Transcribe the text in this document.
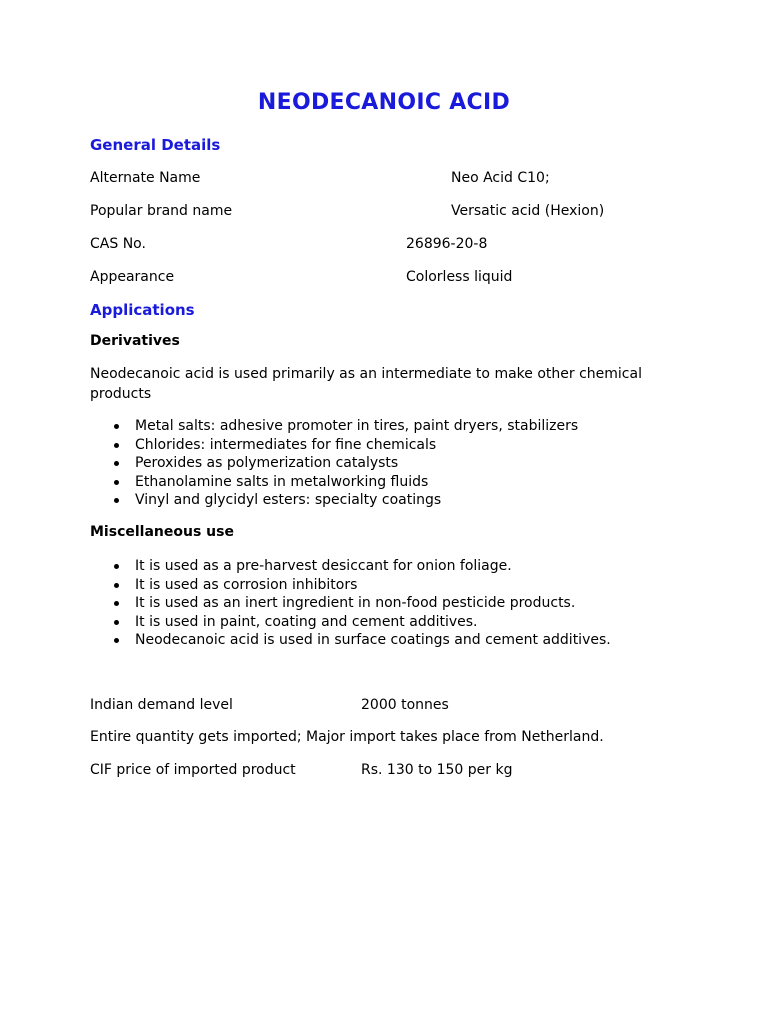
NEODECANOIC ACID
General Details
Alternate Name	Neo Acid C10;
Popular brand name	Versatic acid (Hexion)
CAS No.	26896-20-8
Appearance	Colorless liquid
Applications
Derivatives
Neodecanoic acid is used primarily as an intermediate to make other chemical products
Metal salts: adhesive promoter in tires, paint dryers, stabilizers
Chlorides: intermediates for fine chemicals
Peroxides as polymerization catalysts
Ethanolamine salts in metalworking fluids
Vinyl and glycidyl esters: specialty coatings
Miscellaneous use
It is used as a pre-harvest desiccant for onion foliage.
It is used as corrosion inhibitors
It is used as an inert ingredient in non-food pesticide products.
It is used in paint, coating and cement additives.
Neodecanoic acid is used in surface coatings and cement additives.
Indian demand level	2000 tonnes
Entire quantity gets imported; Major import takes place from Netherland.
CIF price of imported product	Rs. 130 to 150 per kg
